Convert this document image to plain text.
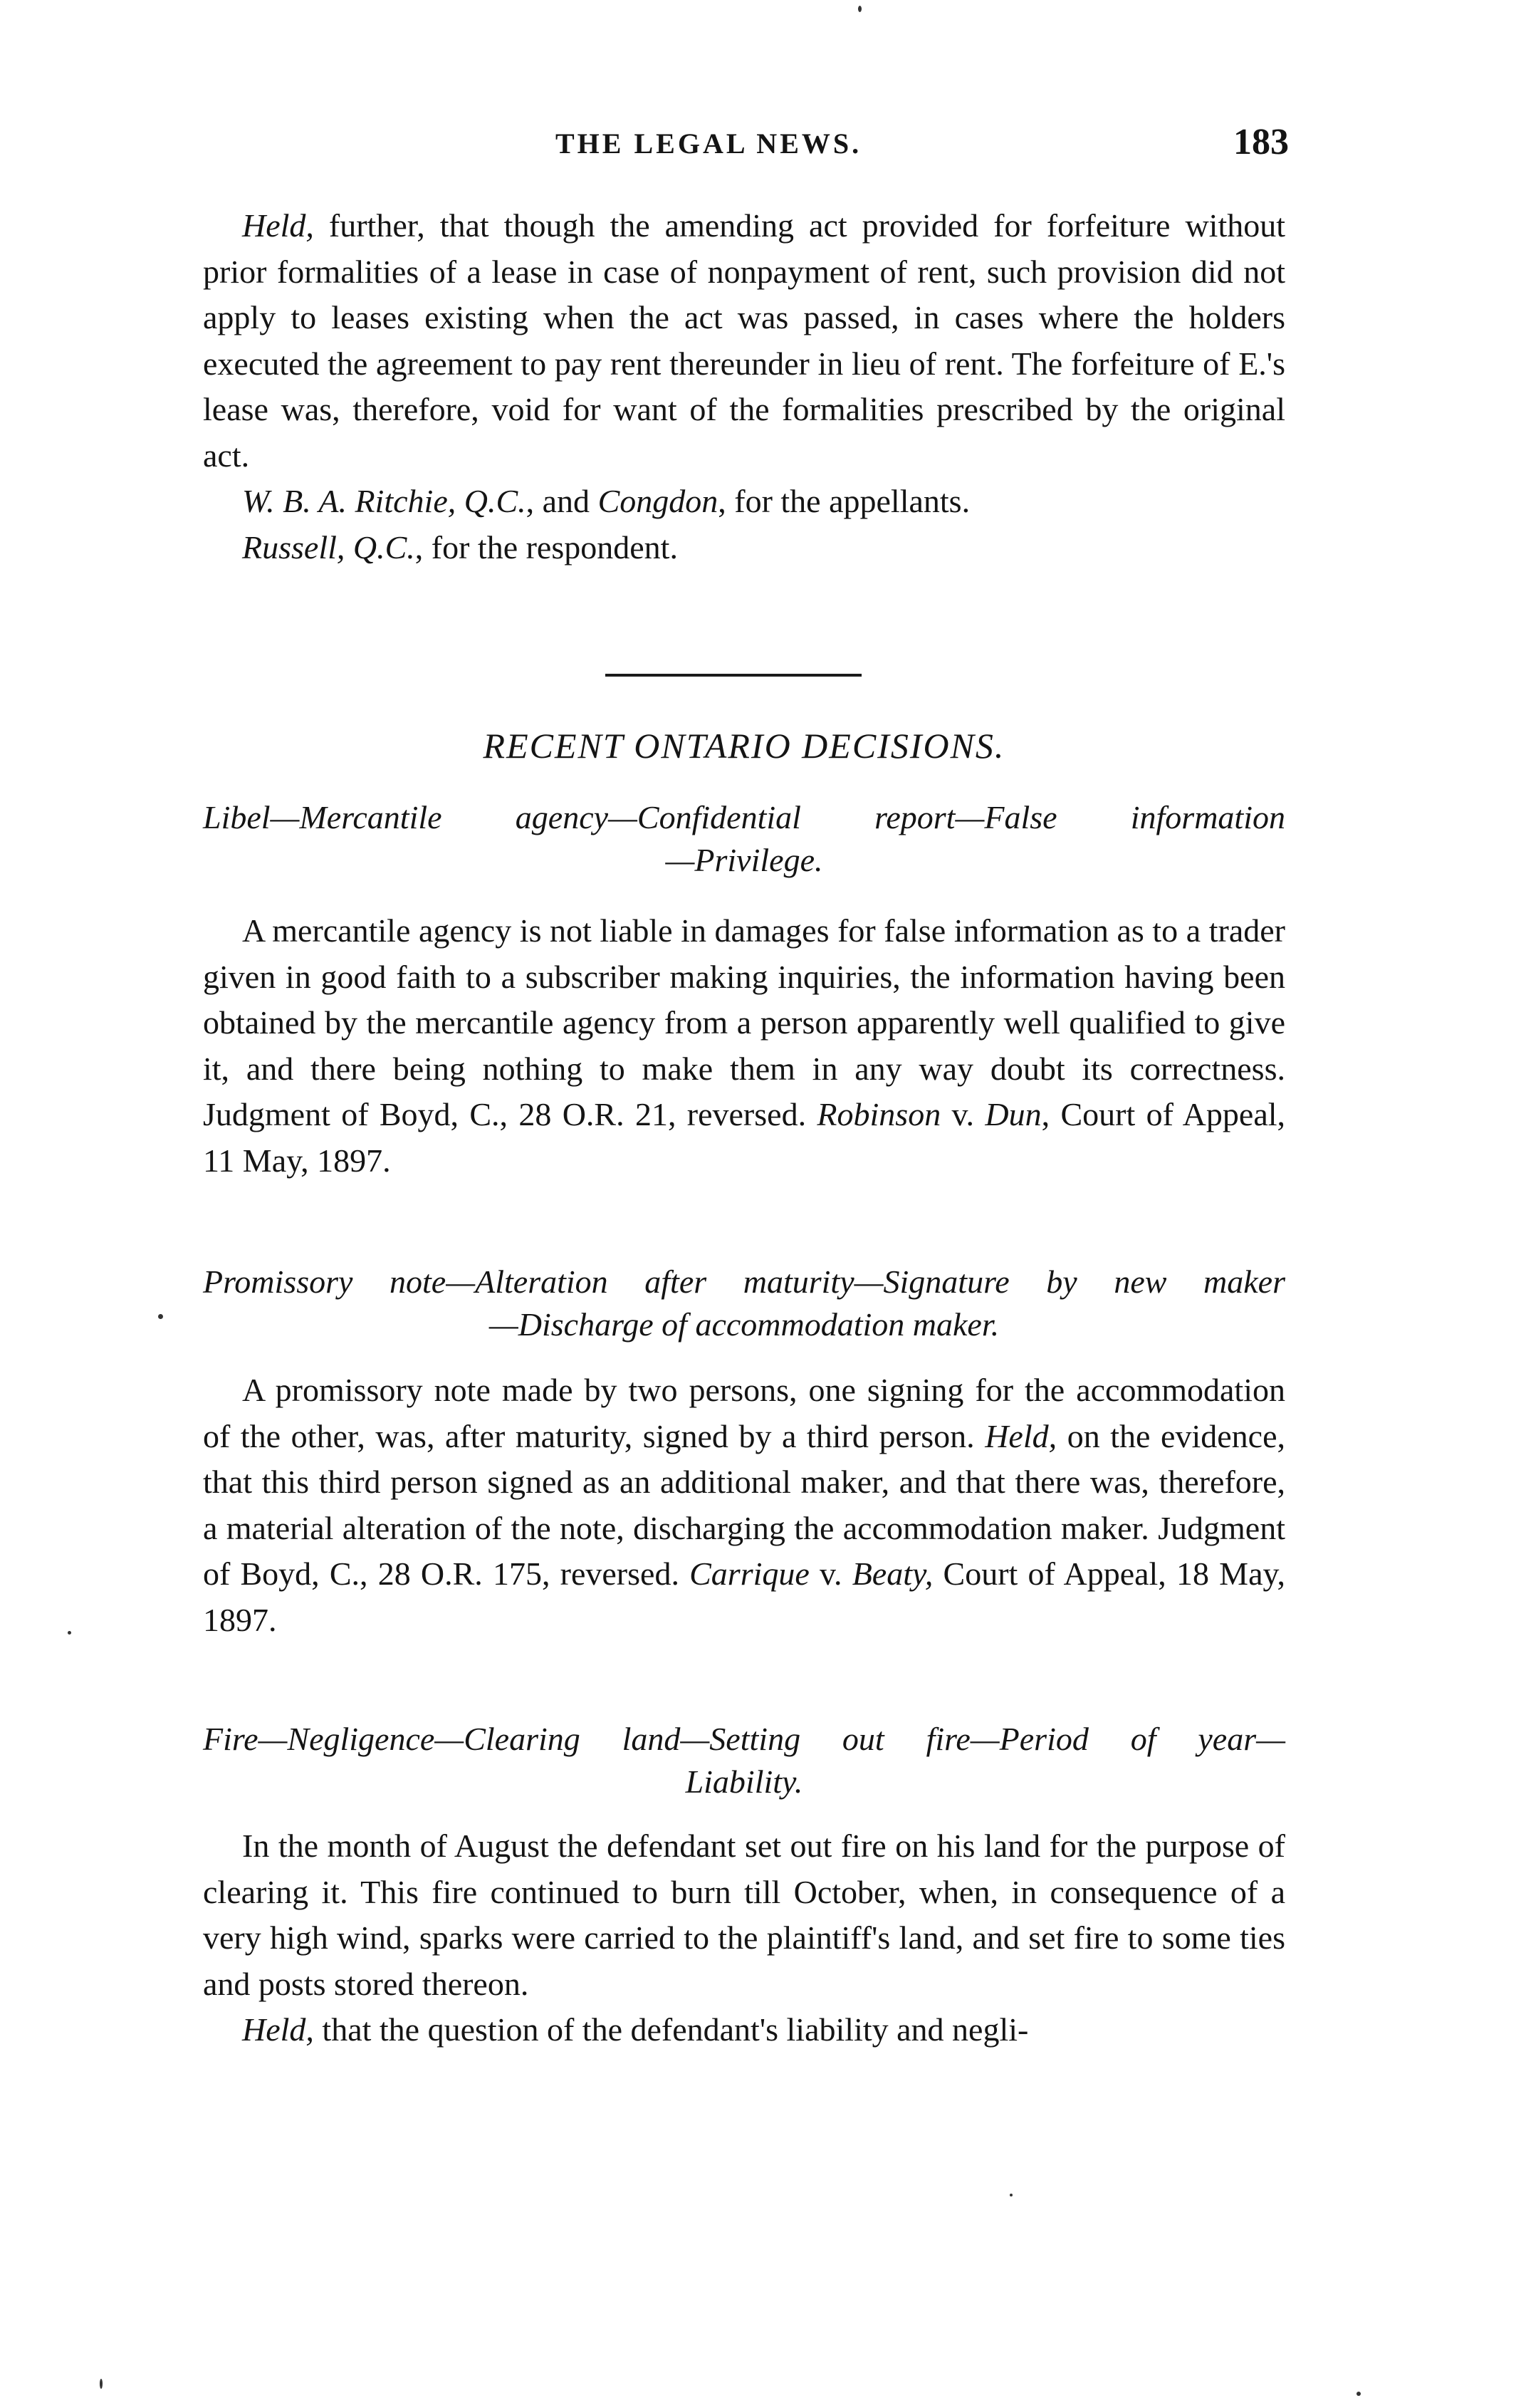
THE LEGAL NEWS.	183

Held, further, that though the amending act provided for forfeiture without prior formalities of a lease in case of nonpayment of rent, such provision did not apply to leases existing when the act was passed, in cases where the holders executed the agreement to pay rent thereunder in lieu of rent. The forfeiture of E.'s lease was, therefore, void for want of the formalities prescribed by the original act.

W. B. A. Ritchie, Q.C., and Congdon, for the appellants.

Russell, Q.C., for the respondent.

RECENT ONTARIO DECISIONS.
Libel—Mercantile agency—Confidential report—False information
—Privilege.

A mercantile agency is not liable in damages for false information as to a trader given in good faith to a subscriber making inquiries, the information having been obtained by the mercantile agency from a person apparently well qualified to give it, and there being nothing to make them in any way doubt its correctness. Judgment of Boyd, C., 28 O.R. 21, reversed. Robinson v. Dun, Court of Appeal, 11 May, 1897.

Promissory note—Alteration after maturity—Signature by new maker
—Discharge of accommodation maker.

A promissory note made by two persons, one signing for the accommodation of the other, was, after maturity, signed by a third person. Held, on the evidence, that this third person signed as an additional maker, and that there was, therefore, a material alteration of the note, discharging the accommodation maker. Judgment of Boyd, C., 28 O.R. 175, reversed. Carrique v. Beaty, Court of Appeal, 18 May, 1897.

Fire—Negligence—Clearing land—Setting out fire—Period of year—
Liability.

In the month of August the defendant set out fire on his land for the purpose of clearing it. This fire continued to burn till October, when, in consequence of a very high wind, sparks were carried to the plaintiff's land, and set fire to some ties and posts stored thereon.

Held, that the question of the defendant's liability and negli-
